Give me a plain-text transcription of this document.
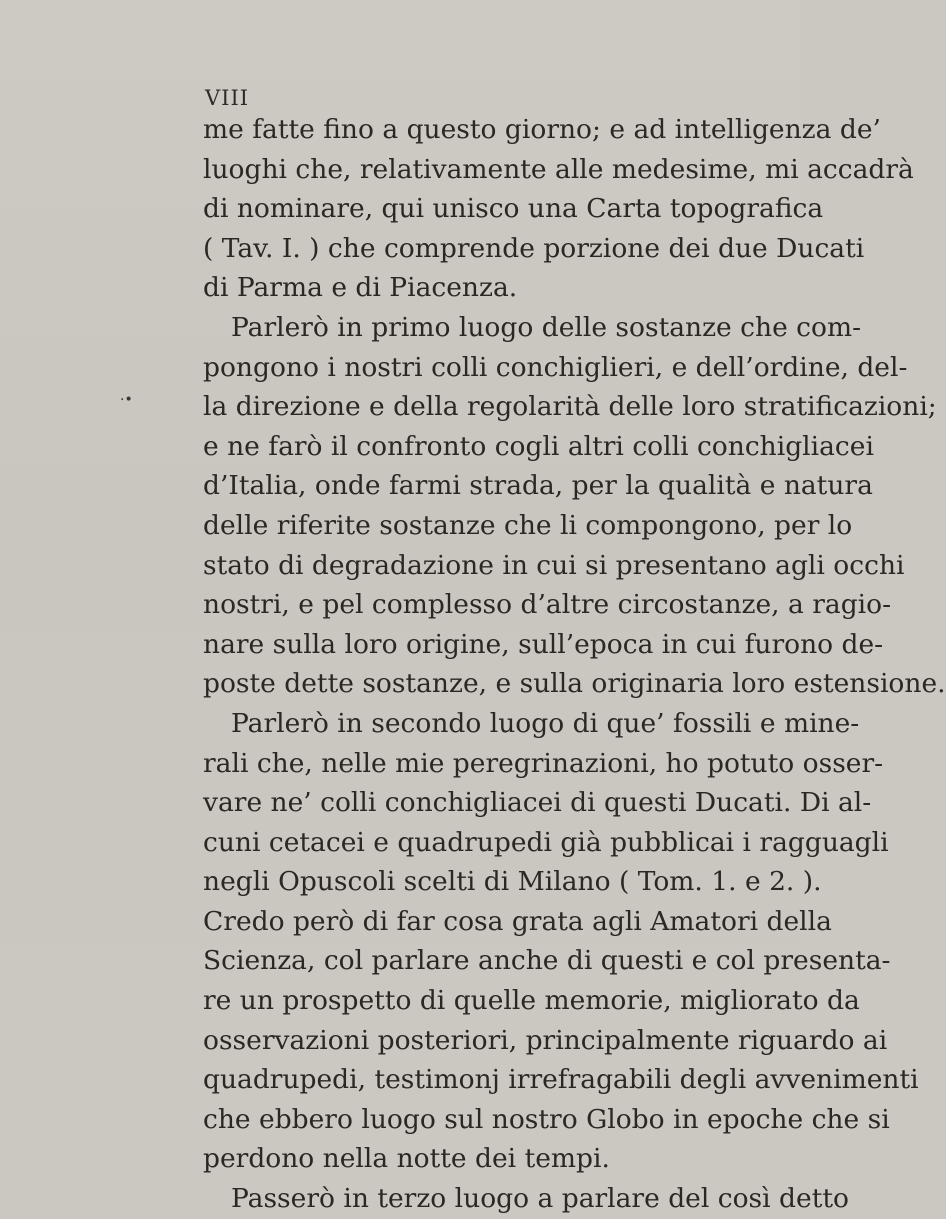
VIII
·•
me fatte fino a questo giorno; e ad intelligenza de’
luoghi che, relativamente alle medesime, mi accadrà
di nominare, qui unisco una Carta topografica
( Tav. I. ) che comprende porzione dei due Ducati
di Parma e di Piacenza.
Parlerò in primo luogo delle sostanze che com-
pongono i nostri colli conchiglieri, e dell’ordine, del-
la direzione e della regolarità delle loro stratificazioni;
e ne farò il confronto cogli altri colli conchigliacei
d’Italia, onde farmi strada, per la qualità e natura
delle riferite sostanze che li compongono, per lo
stato di degradazione in cui si presentano agli occhi
nostri, e pel complesso d’altre circostanze, a ragio-
nare sulla loro origine, sull’epoca in cui furono de-
poste dette sostanze, e sulla originaria loro estensione.
Parlerò in secondo luogo di que’ fossili e mine-
rali che, nelle mie peregrinazioni, ho potuto osser-
vare ne’ colli conchigliacei di questi Ducati. Di al-
cuni cetacei e quadrupedi già pubblicai i ragguagli
negli Opuscoli scelti di Milano ( Tom. 1. e 2. ).
Credo però di far cosa grata agli Amatori della
Scienza, col parlare anche di questi e col presenta-
re un prospetto di quelle memorie, migliorato da
osservazioni posteriori, principalmente riguardo ai
quadrupedi, testimonj irrefragabili degli avvenimenti
che ebbero luogo sul nostro Globo in epoche che si
perdono nella notte dei tempi.
Passerò in terzo luogo a parlare del così detto
